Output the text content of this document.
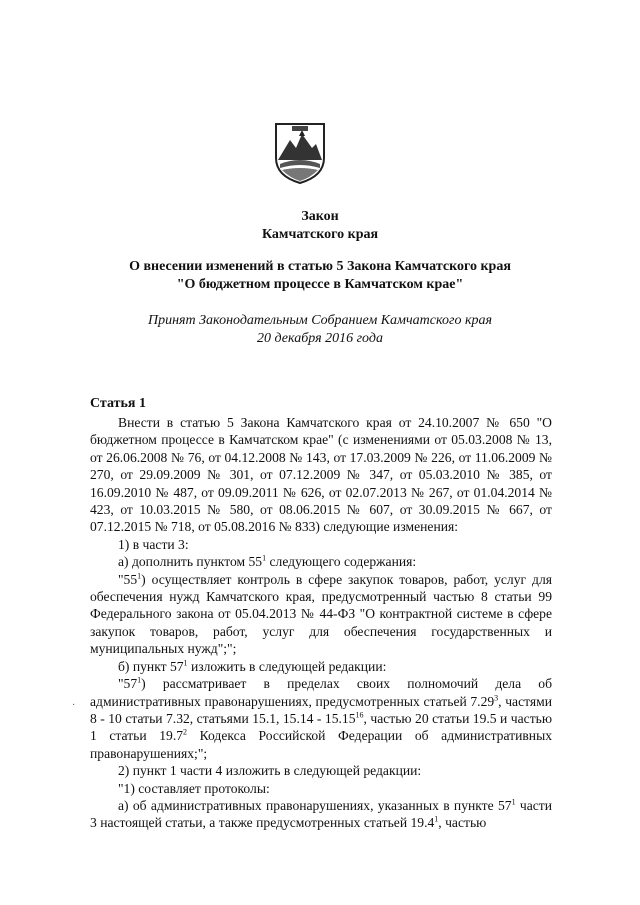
Закон
Камчатского края
О внесении изменений в статью 5 Закона Камчатского края
"О бюджетном процессе в Камчатском крае"
Принят Законодательным Собранием Камчатского края
20 декабря 2016 года
Статья 1
·

Внести в статью 5 Закона Камчатского края от 24.10.2007 № 650 "О бюджетном процессе в Камчатском крае" (с изменениями от 05.03.2008 № 13, от 26.06.2008 № 76, от 04.12.2008 № 143, от 17.03.2009 № 226, от 11.06.2009 № 270, от 29.09.2009 № 301, от 07.12.2009 № 347, от 05.03.2010 № 385, от 16.09.2010 № 487, от 09.09.2011 № 626, от 02.07.2013 № 267, от 01.04.2014 № 423, от 10.03.2015 № 580, от 08.06.2015 № 607, от 30.09.2015 № 667, от 07.12.2015 № 718, от 05.08.2016 № 833) следующие изменения:

1) в части 3:

а) дополнить пунктом $55^1$ следующего содержания:

"$55^1$) осуществляет контроль в сфере закупок товаров, работ, услуг для обеспечения нужд Камчатского края, предусмотренный частью 8 статьи 99 Федерального закона от 05.04.2013 № 44-ФЗ "О контрактной системе в сфере закупок товаров, работ, услуг для обеспечения государственных и муниципальных нужд";";

б) пункт $57^1$ изложить в следующей редакции:

"$57^1$) рассматривает в пределах своих полномочий дела об административных правонарушениях, предусмотренных статьей 7.29$^3$, частями 8 - 10 статьи 7.32, статьями 15.1, 15.14 - 15.15$^{16}$, частью 20 статьи 19.5 и частью 1 статьи 19.7$^2$ Кодекса Российской Федерации об административных правонарушениях;";

2) пункт 1 части 4 изложить в следующей редакции:

"1) составляет протоколы:

а) об административных правонарушениях, указанных в пункте $57^1$ части 3 настоящей статьи, а также предусмотренных статьей 19.4$^1$, частью
